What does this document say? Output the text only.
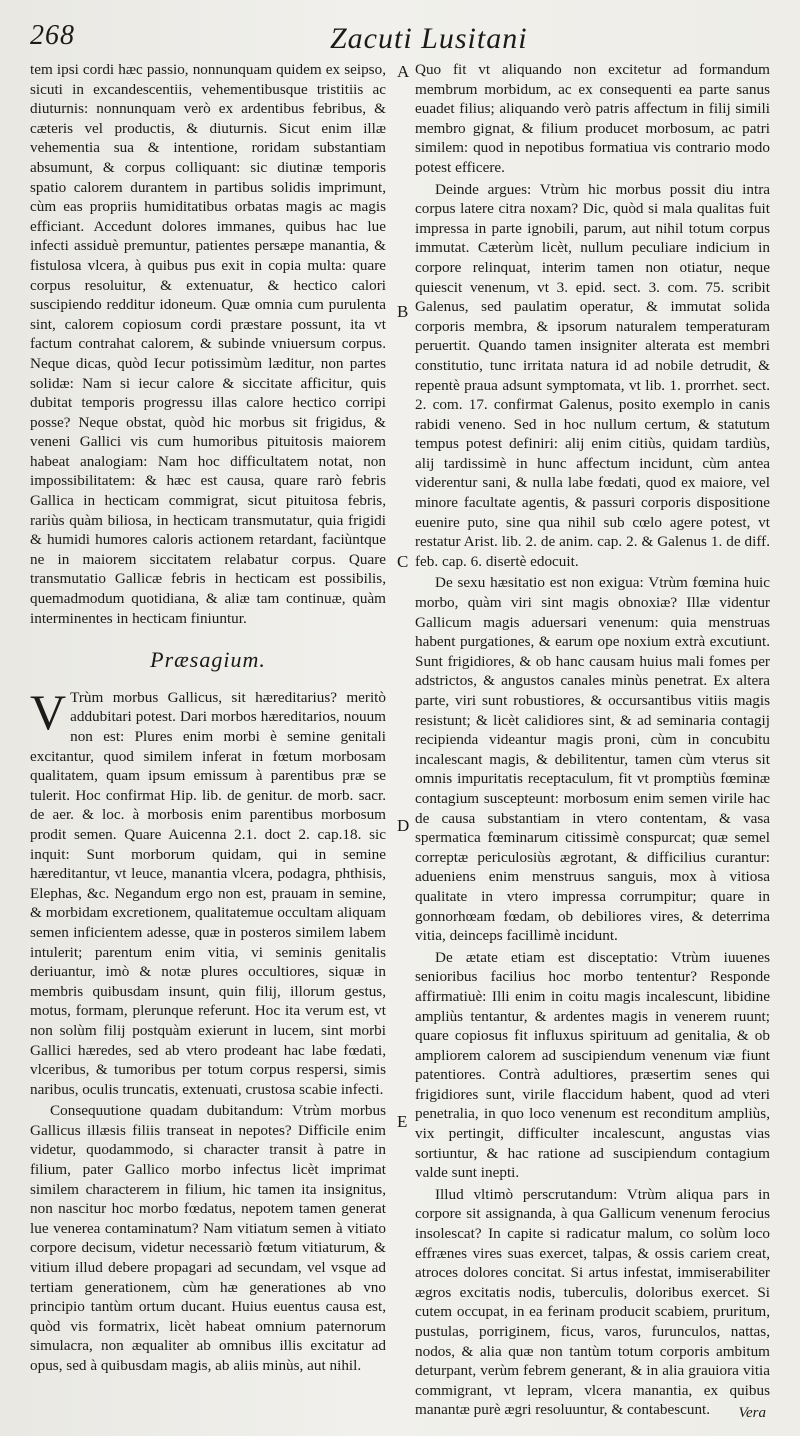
268	Zacuti Lusitani

tem ipsi cordi hæc passio, nonnunquam quidem ex seipso, sicuti in excandescentiis, vehementibusque tristitiis ac diuturnis: nonnunquam verò ex ardentibus febribus, & cæteris vel productis, & diuturnis. Sicut enim illæ vehementia sua & intentione, roridam substantiam absumunt, & corpus colliquant: sic diutinæ temporis spatio calorem durantem in partibus solidis imprimunt, cùm eas propriis humiditatibus orbatas magis ac magis efficiant. Accedunt dolores immanes, quibus hac lue infecti assiduè premuntur, patientes persæpe manantia, & fistulosa vlcera, à quibus pus exit in copia multa: quare corpus resoluitur, & extenuatur, & hectico calori suscipiendo redditur idoneum. Quæ omnia cum purulenta sint, calorem copiosum cordi præstare possunt, ita vt factum contrahat calorem, & subinde vniuersum corpus. Neque dicas, quòd Iecur potissimùm læditur, non partes solidæ: Nam si iecur calore & siccitate afficitur, quis dubitat temporis progressu illas calore hectico corripi posse? Neque obstat, quòd hic morbus sit frigidus, & veneni Gallici vis cum humoribus pituitosis maiorem habeat analogiam: Nam hoc difficultatem notat, non impossibilitatem: & hæc est causa, quare rarò febris Gallica in hecticam commigrat, sicut pituitosa febris, rariùs quàm biliosa, in hecticam transmutatur, quia frigidi & humidi humores caloris actionem retardant, faciùntque ne in maiorem siccitatem relabatur corpus. Quare transmutatio Gallicæ febris in hecticam est possibilis, quemadmodum quotidiana, & aliæ tam continuæ, quàm interminentes in hecticam finiuntur.

Præsagium.

V Trùm morbus Gallicus, sit hæreditarius? meritò addubitari potest. Dari morbos hæreditarios, nouum non est: Plures enim morbi è semine genitali excitantur, quod similem inferat in fœtum morbosam qualitatem, quam ipsum emissum à parentibus præ se tulerit. Hoc confirmat Hip. lib. de genitur. de morb. sacr. de aer. & loc. à morbosis enim parentibus morbosum prodit semen. Quare Auicenna 2.1. doct 2. cap.18. sic inquit: Sunt morborum quidam, qui in semine hæreditantur, vt leuce, manantia vlcera, podagra, phthisis, Elephas, &c. Negandum ergo non est, prauam in semine, & morbidam excretionem, qualitatemue occultam aliquam semen inficientem adesse, quæ in posteros similem labem intulerit; parentum enim vitia, vi seminis genitalis deriuantur, imò & notæ plures occultiores, siquæ in membris quibusdam insunt, quin filij, illorum gestus, motus, formam, plerunque referunt. Hoc ita verum est, vt non solùm filij postquàm exierunt in lucem, sint morbi Gallici hæredes, sed ab vtero prodeant hac labe fœdati, vlceribus, & tumoribus per totum corpus respersi, simis naribus, oculis truncatis, extenuati, crustosa scabie infecti.

Consequutione quadam dubitandum: Vtrùm morbus Gallicus illæsis filiis transeat in nepotes? Difficile enim videtur, quodammodo, si character transit à patre in filium, pater Gallico morbo infectus licèt imprimat similem characterem in filium, hic tamen ita insignitus, non nascitur hoc morbo fœdatus, nepotem tamen generat lue venerea contaminatum? Nam vitiatum semen à vitiato corpore decisum, videtur necessariò fœtum vitiaturum, & vitium illud debere propagari ad secundam, vel vsque ad tertiam generationem, cùm hæ generationes ab vno principio tantùm ortum ducant. Huius euentus causa est, quòd vis formatrix, licèt habeat omnium paternorum simulacra, non æqualiter ab omnibus illis excitatur ad opus, sed à quibusdam magis, ab aliis minùs, aut nihil.

A
B
C
D
E

Quo fit vt aliquando non excitetur ad formandum membrum morbidum, ac ex consequenti ea parte sanus euadet filius; aliquando verò patris affectum in filij simili membro gignat, & filium producet morbosum, ac patri similem: quod in nepotibus formatiua vis contrario modo potest efficere.

Deinde argues: Vtrùm hic morbus possit diu intra corpus latere citra noxam? Dic, quòd si mala qualitas fuit impressa in parte ignobili, parum, aut nihil totum corpus immutat. Cæterùm licèt, nullum peculiare indicium in corpore relinquat, interim tamen non otiatur, neque quiescit venenum, vt 3. epid. sect. 3. com. 75. scribit Galenus, sed paulatim operatur, & immutat solida corporis membra, & ipsorum naturalem temperaturam peruertit. Quando tamen insigniter alterata est membri constitutio, tunc irritata natura id ad nobile detrudit, & repentè praua adsunt symptomata, vt lib. 1. prorrhet. sect. 2. com. 17. confirmat Galenus, posito exemplo in canis rabidi veneno. Sed in hoc nullum certum, & statutum tempus potest definiri: alij enim citiùs, quidam tardiùs, alij tardissimè in hunc affectum incidunt, cùm antea viderentur sani, & nulla labe fœdati, quod ex maiore, vel minore facultate agentis, & passuri corporis dispositione euenire puto, sine qua nihil sub cœlo agere potest, vt restatur Arist. lib. 2. de anim. cap. 2. & Galenus 1. de diff. feb. cap. 6. disertè edocuit.

De sexu hæsitatio est non exigua: Vtrùm fœmina huic morbo, quàm viri sint magis obnoxiæ? Illæ videntur Gallicum magis aduersari venenum: quia menstruas habent purgationes, & earum ope noxium extrà excutiunt. Sunt frigidiores, & ob hanc causam huius mali fomes per adstrictos, & angustos canales minùs penetrat. Ex altera parte, viri sunt robustiores, & occursantibus vitiis magis resistunt; & licèt calidiores sint, & ad seminaria contagij recipienda videantur magis proni, cùm in concubitu incalescant magis, & debilitentur, tamen cùm vterus sit omnis impuritatis receptaculum, fit vt promptiùs fœminæ contagium suscepteunt: morbosum enim semen virile hac de causa substantiam in vtero contentam, & vasa spermatica fœminarum citissimè conspurcat; quæ semel correptæ periculosiùs ægrotant, & difficilius curantur: adueniens enim menstruus sanguis, mox à vitiosa qualitate in vtero impressa corrumpitur; quare in gonnorhœam fœdam, ob debiliores vires, & deterrima vitia, deinceps facillimè incidunt.

De ætate etiam est disceptatio: Vtrùm iuuenes senioribus facilius hoc morbo tententur? Responde affirmatiuè: Illi enim in coitu magis incalescunt, libidine ampliùs tentantur, & ardentes magis in venerem ruunt; quare copiosus fit influxus spirituum ad genitalia, & ob ampliorem calorem ad suscipiendum venenum viæ fiunt patentiores. Contrà adultiores, præsertim senes qui frigidiores sunt, virile flaccidum habent, quod ad vteri penetralia, in quo loco venenum est reconditum ampliùs, vix pertingit, difficulter incalescunt, angustas vias sortiuntur, & hac ratione ad suscipiendum contagium valde sunt inepti.

Illud vltimò perscrutandum: Vtrùm aliqua pars in corpore sit assignanda, à qua Gallicum venenum ferocius insolescat? In capite si radicatur malum, co solùm loco effrænes vires suas exercet, talpas, & ossis cariem creat, atroces dolores concitat. Si artus infestat, immiserabiliter ægros excitatis nodis, tuberculis, doloribus exercet. Si cutem occupat, in ea ferinam producit scabiem, pruritum, pustulas, porriginem, ficus, varos, furunculos, nattas, nodos, & alia quæ non tantùm totum corporis ambitum deturpant, verùm febrem generant, & in alia grauiora vitia commigrant, vt lepram, vlcera manantia, ex quibus manantæ purè ægri resoluuntur, & contabescunt.	Vera
